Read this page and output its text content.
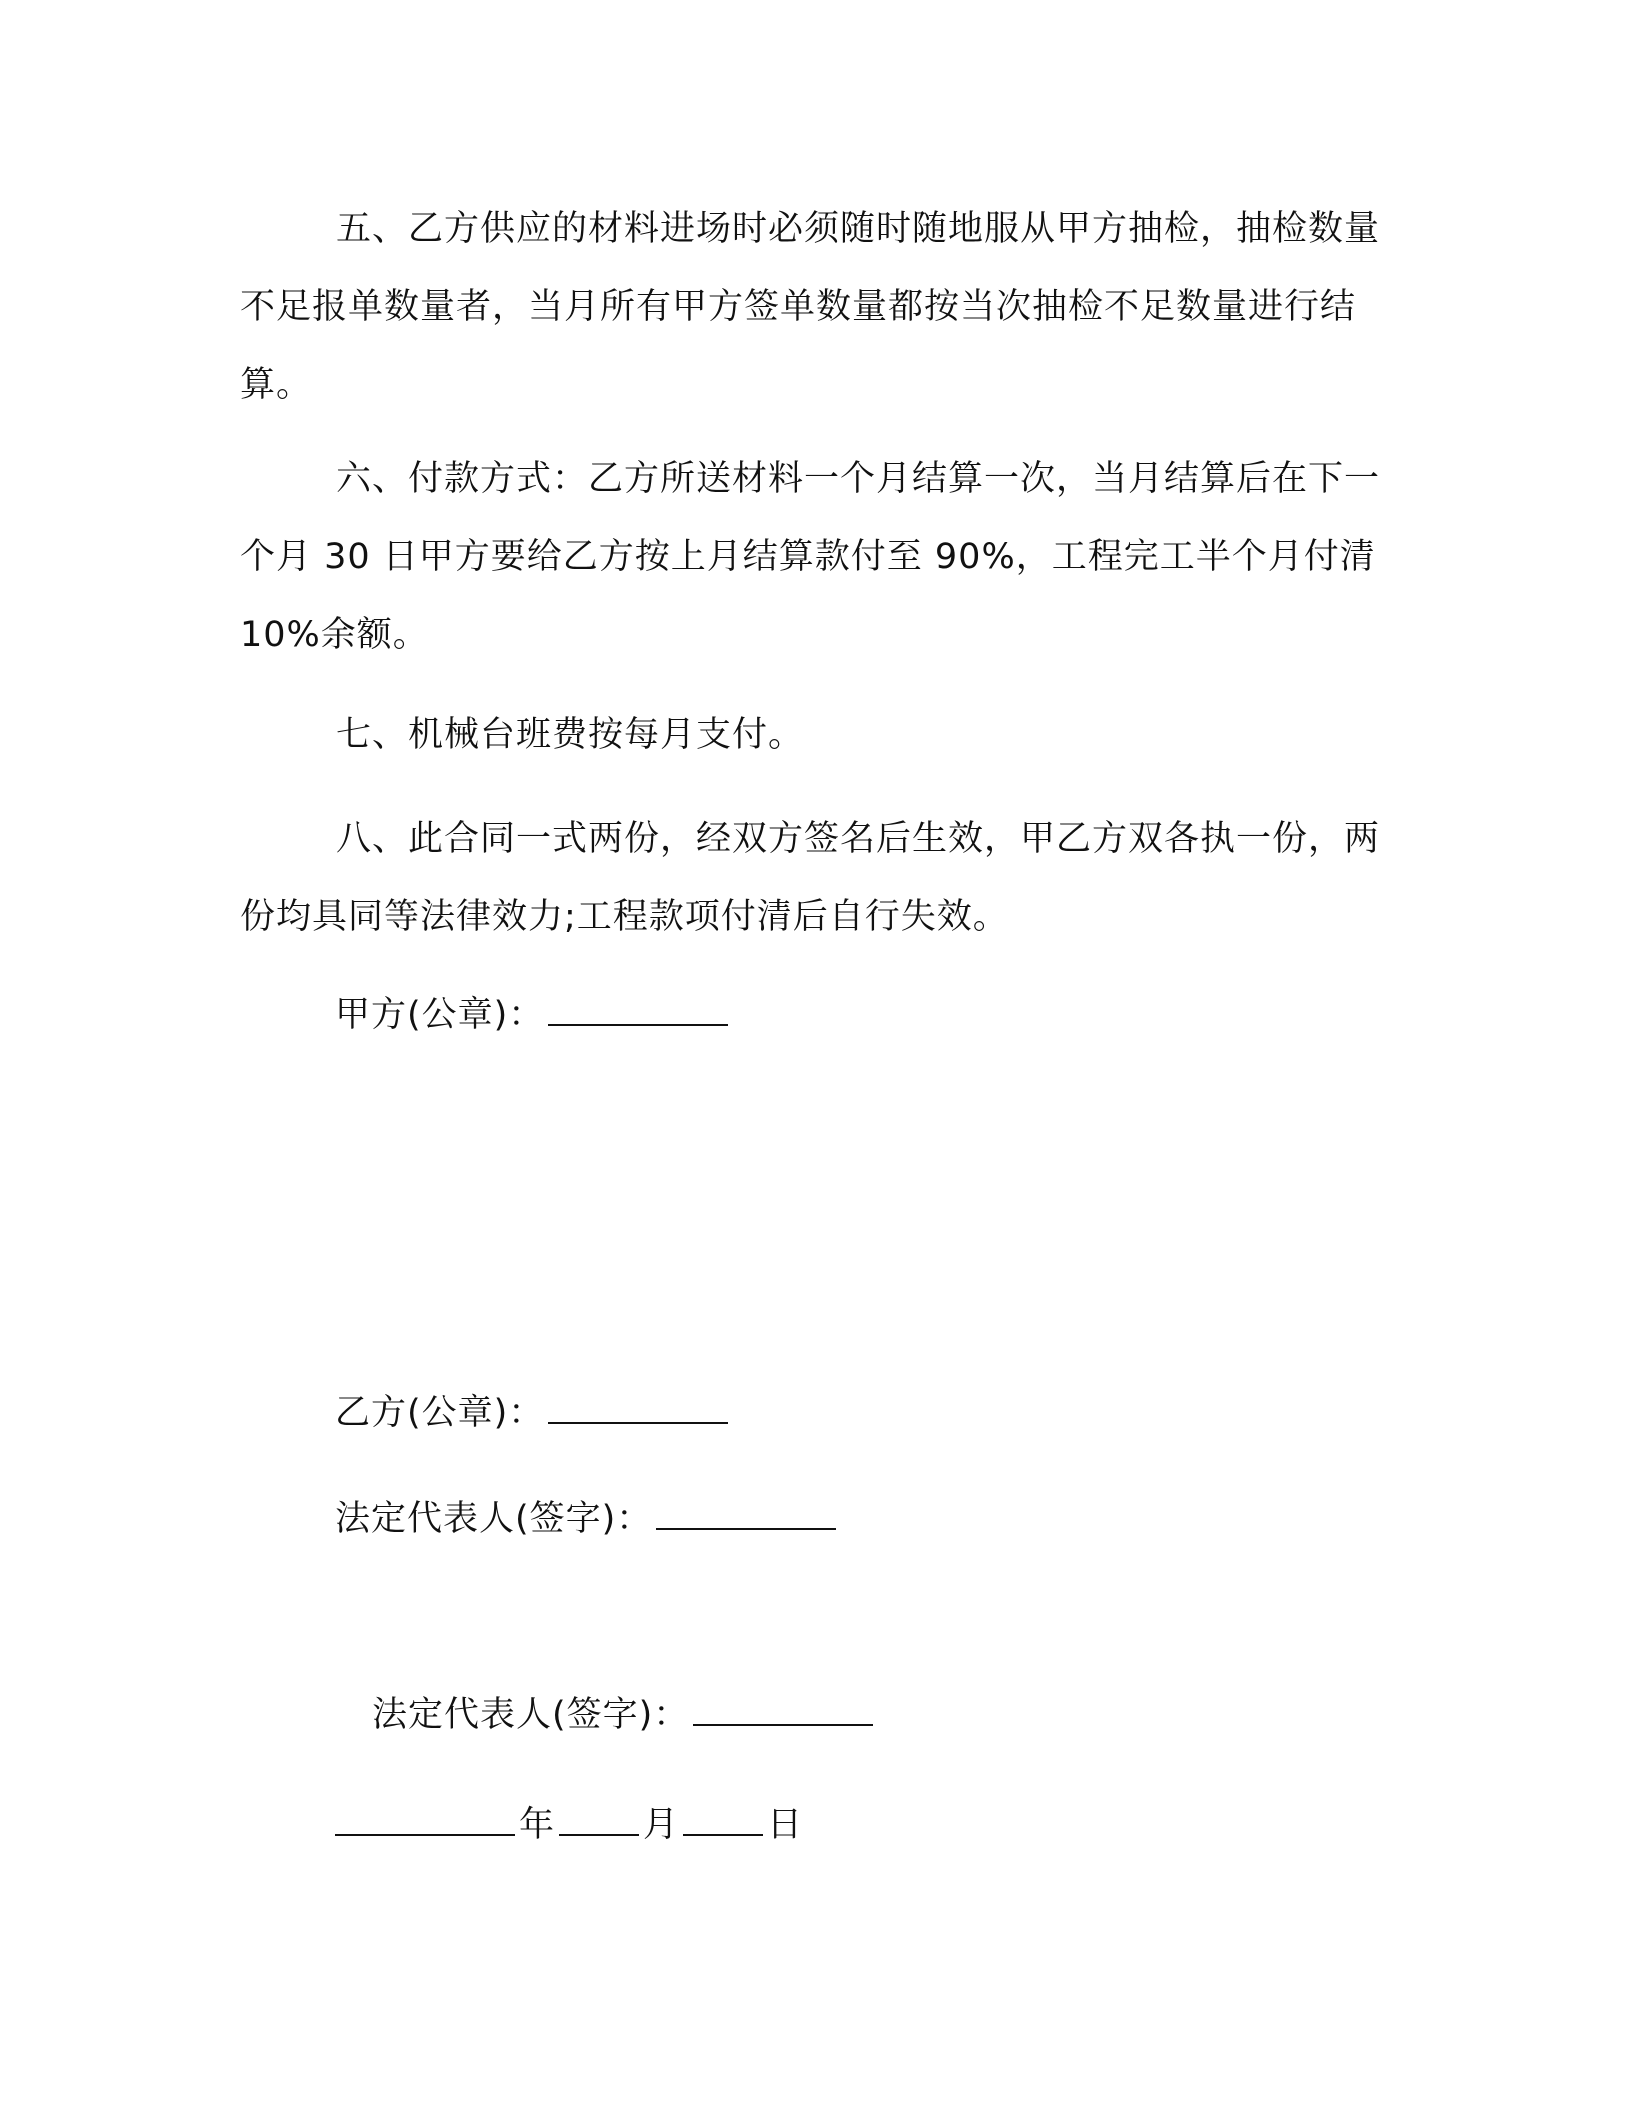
五、乙方供应的材料进场时必须随时随地服从甲方抽检，抽检数量不足报单数量者，当月所有甲方签单数量都按当次抽检不足数量进行结算。

六、付款方式：乙方所送材料一个月结算一次，当月结算后在下一个月 30 日甲方要给乙方按上月结算款付至 90%，工程完工半个月付清 10%余额。

七、机械台班费按每月支付。

八、此合同一式两份，经双方签名后生效，甲乙方双各执一份，两份均具同等法律效力;工程款项付清后自行失效。

甲方(公章)：
乙方(公章)：
法定代表人(签字)：
法定代表人(签字)：
年	月	日
